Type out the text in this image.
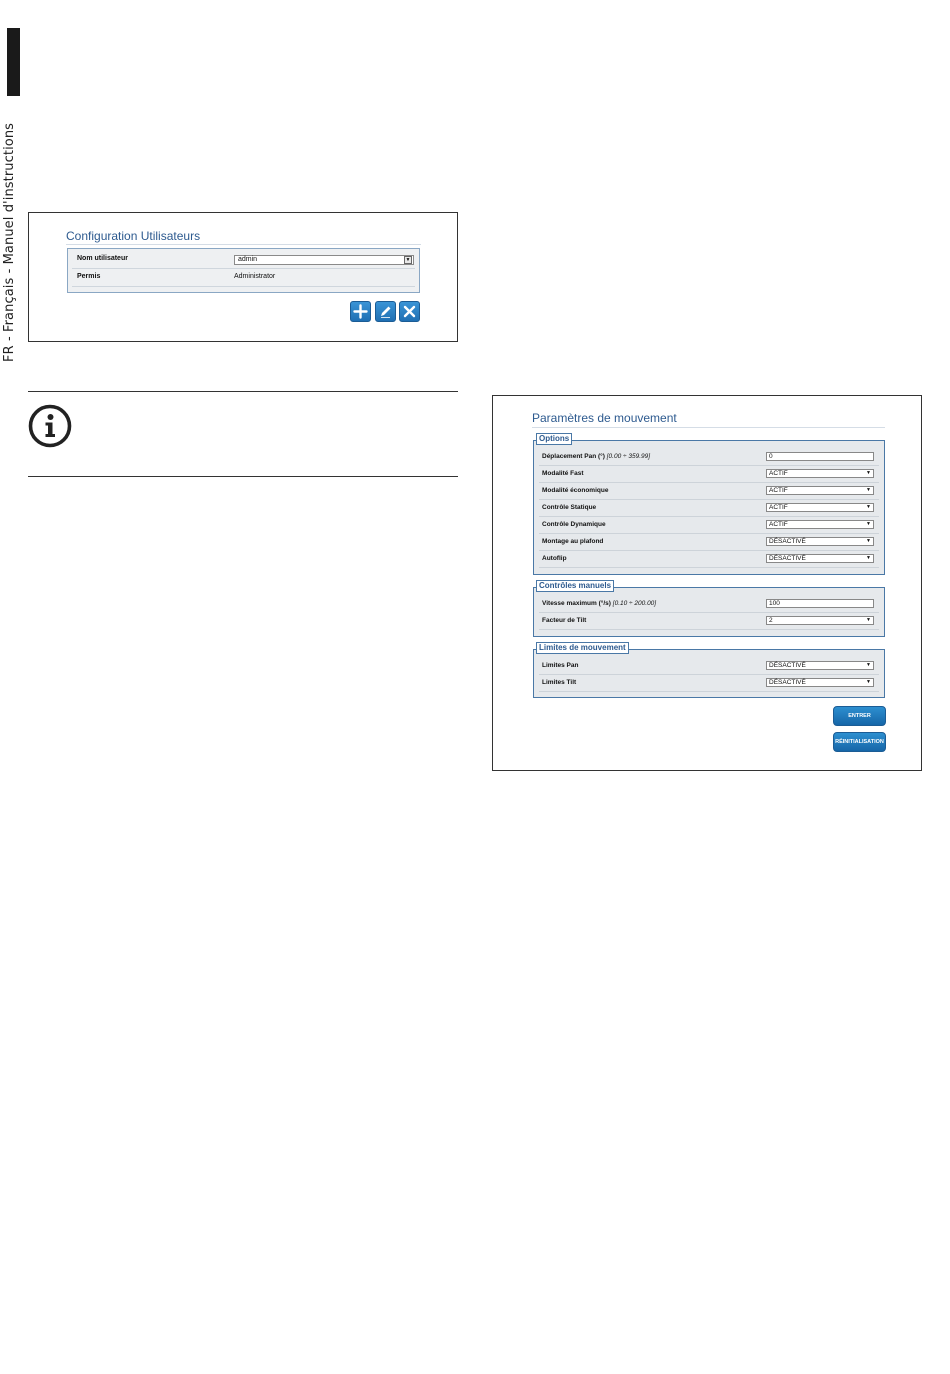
FR - Français - Manuel d'instructions	Configuration Utilisateurs
Nom utilisateur	admin	▼
Permis	Administrator
Paramètres de mouvement
Options
Déplacement Pan (°) [0.00 ÷ 359.99]	0
Modalité Fast	ACTIF	▼
Modalité économique	ACTIF	▼
Contrôle Statique	ACTIF	▼
Contrôle Dynamique	ACTIF	▼
Montage au plafond	DÉSACTIVÉ	▼
Autoflip	DÉSACTIVÉ	▼
Contrôles manuels
Vitesse maximum (°/s) [0.10 ÷ 200.00]	100
Facteur de Tilt	2	▼
Limites de mouvement
Limites Pan	DÉSACTIVÉ	▼
Limites Tilt	DÉSACTIVÉ	▼
ENTRER
RÉINITIALISATION
